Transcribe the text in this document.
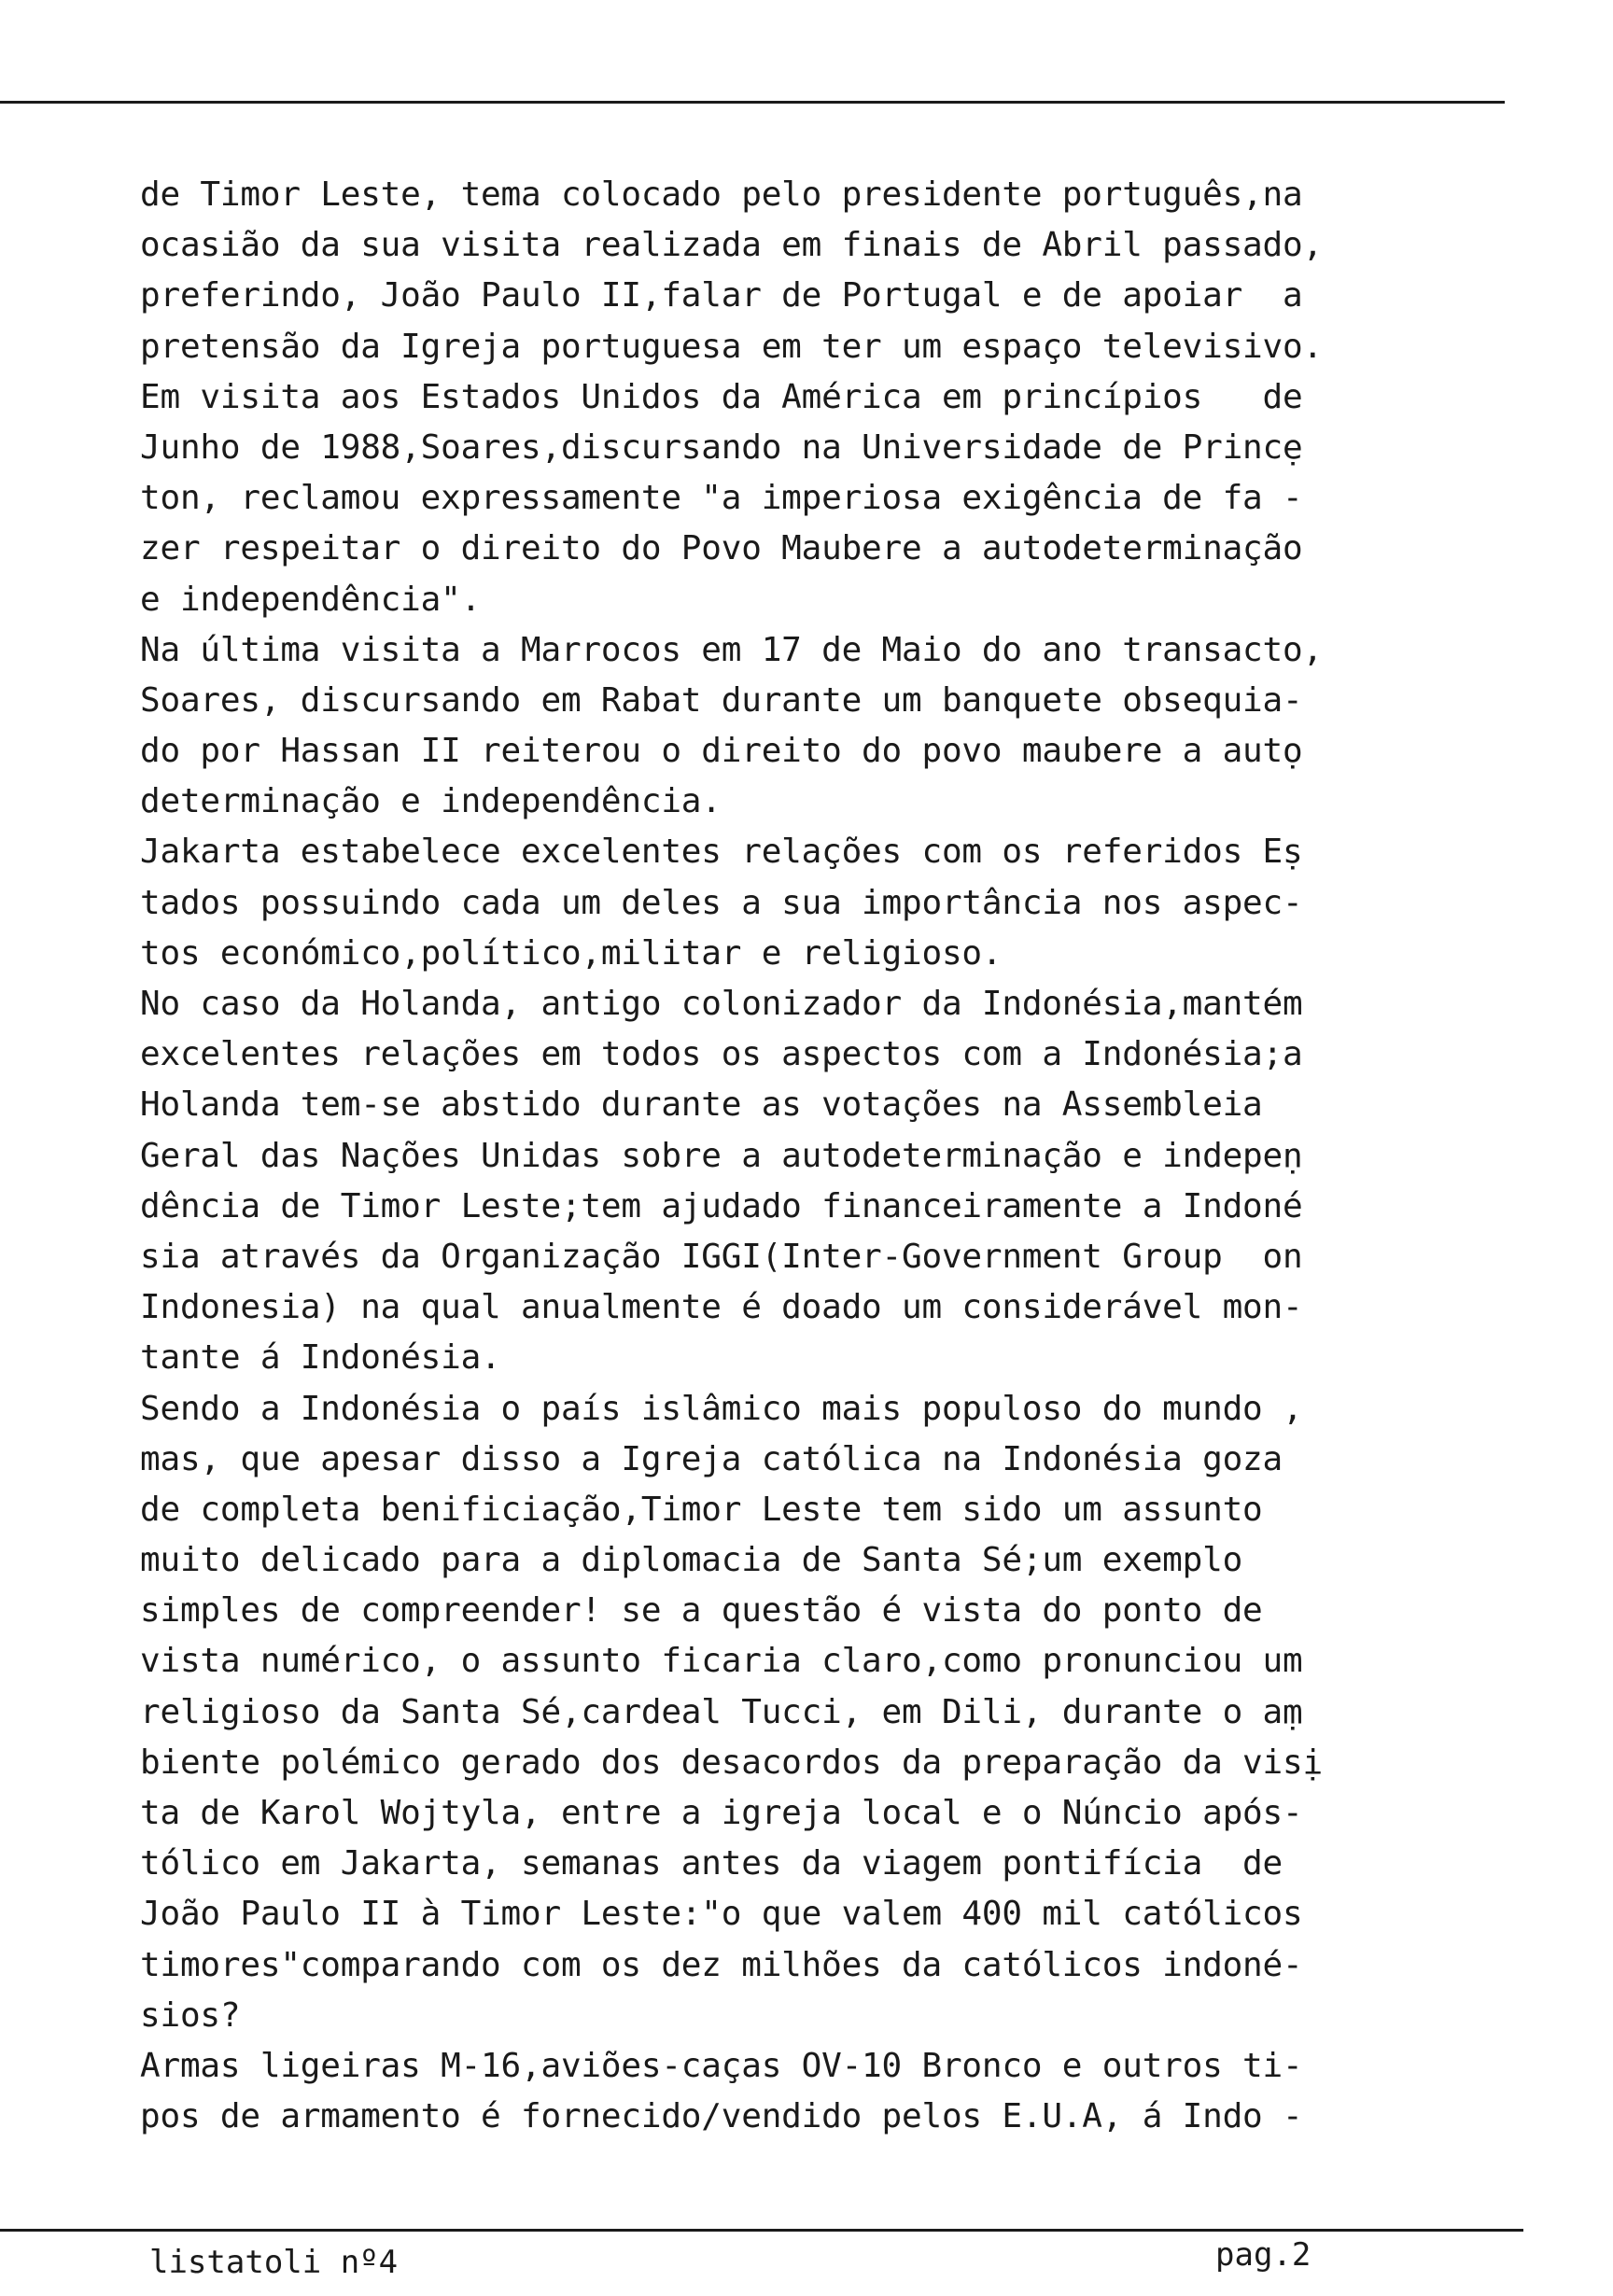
de Timor Leste, tema colocado pelo presidente português,na
ocasião da sua visita realizada em finais de Abril passado,
preferindo, João Paulo II,falar de Portugal e de apoiar  a
pretensão da Igreja portuguesa em ter um espaço televisivo.
Em visita aos Estados Unidos da América em princípios   de
Junho de 1988,Soares,discursando na Universidade de Princẹ
ton, reclamou expressamente "a imperiosa exigência de fa -
zer respeitar o direito do Povo Maubere a autodeterminação
e independência".
Na última visita a Marrocos em 17 de Maio do ano transacto,
Soares, discursando em Rabat durante um banquete obsequia-
do por Hassan II reiterou o direito do povo maubere a autọ
determinação e independência.
Jakarta estabelece excelentes relações com os referidos Eṣ
tados possuindo cada um deles a sua importância nos aspec-
tos económico,político,militar e religioso.
No caso da Holanda, antigo colonizador da Indonésia,mantém
excelentes relações em todos os aspectos com a Indonésia;a
Holanda tem-se abstido durante as votações na Assembleia
Geral das Nações Unidas sobre a autodeterminação e indepeṇ
dência de Timor Leste;tem ajudado financeiramente a Indoné
sia através da Organização IGGI(Inter-Government Group  on
Indonesia) na qual anualmente é doado um considerável mon-
tante á Indonésia.
Sendo a Indonésia o país islâmico mais populoso do mundo ,
mas, que apesar disso a Igreja católica na Indonésia goza
de completa benificiação,Timor Leste tem sido um assunto
muito delicado para a diplomacia de Santa Sé;um exemplo
simples de compreender! se a questão é vista do ponto de
vista numérico, o assunto ficaria claro,como pronunciou um
religioso da Santa Sé,cardeal Tucci, em Dili, durante o aṃ
biente polémico gerado dos desacordos da preparação da visị
ta de Karol Wojtyla, entre a igreja local e o Núncio após-
tólico em Jakarta, semanas antes da viagem pontifícia  de
João Paulo II à Timor Leste:"o que valem 400 mil católicos
timores"comparando com os dez milhões da católicos indoné-
sios?
Armas ligeiras M-16,aviões-caças OV-10 Bronco e outros ti-
pos de armamento é fornecido/vendido pelos E.U.A, á Indo -
listatoli nº4	pag.2
